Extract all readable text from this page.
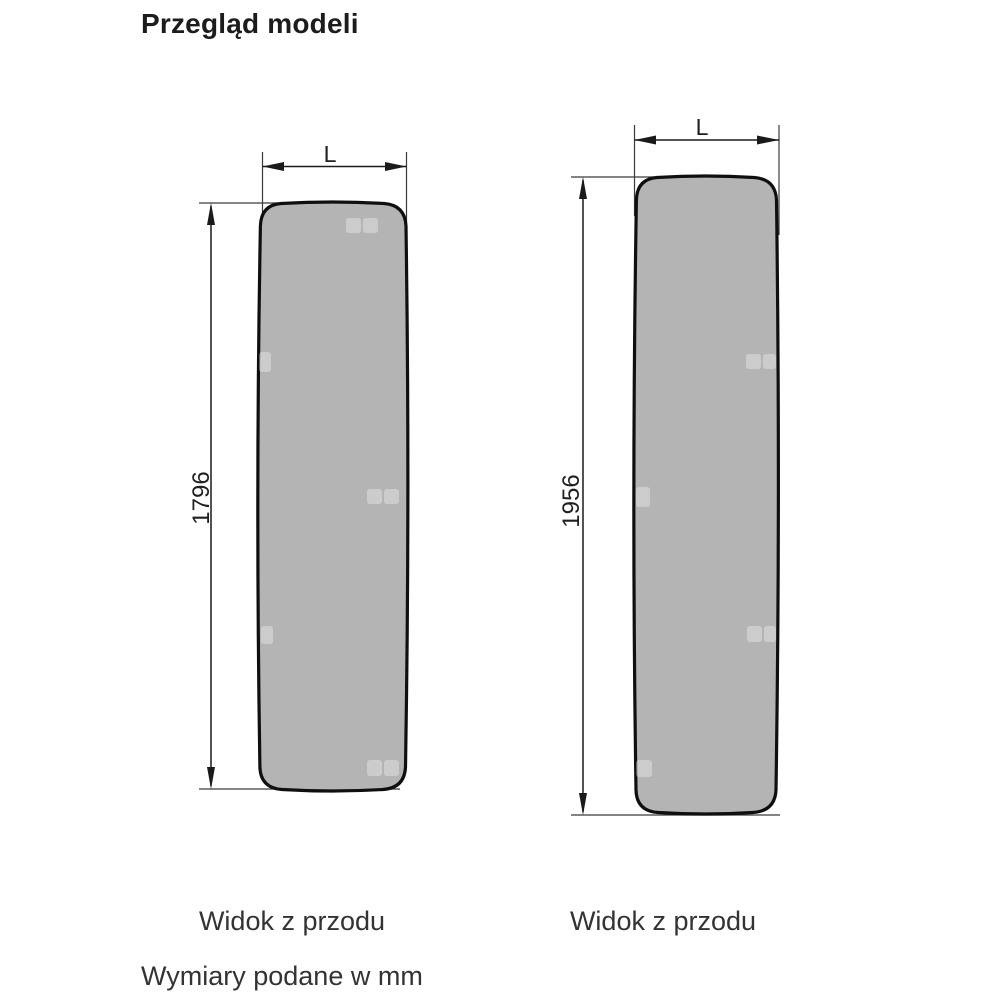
Przegląd modeli
L
L
1796	1956
Widok z przodu	Widok z przodu
Wymiary podane w mm
